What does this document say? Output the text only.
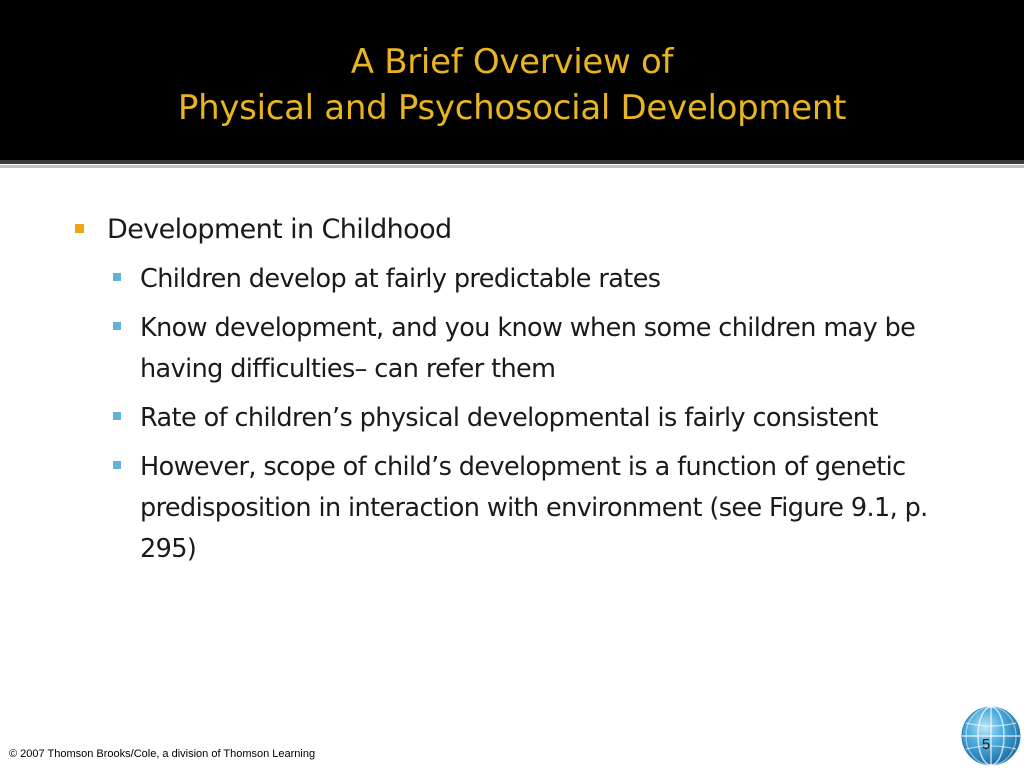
A Brief Overview of
Physical and Psychosocial Development
Development in Childhood
Children develop at fairly predictable rates
Know development, and you know when some children may be having difficulties– can refer them
Rate of children’s physical developmental is fairly consistent
However, scope of child’s development is a function of genetic predisposition in interaction with environment (see Figure 9.1, p. 295)
© 2007 Thomson Brooks/Cole, a division of Thomson Learning
5
